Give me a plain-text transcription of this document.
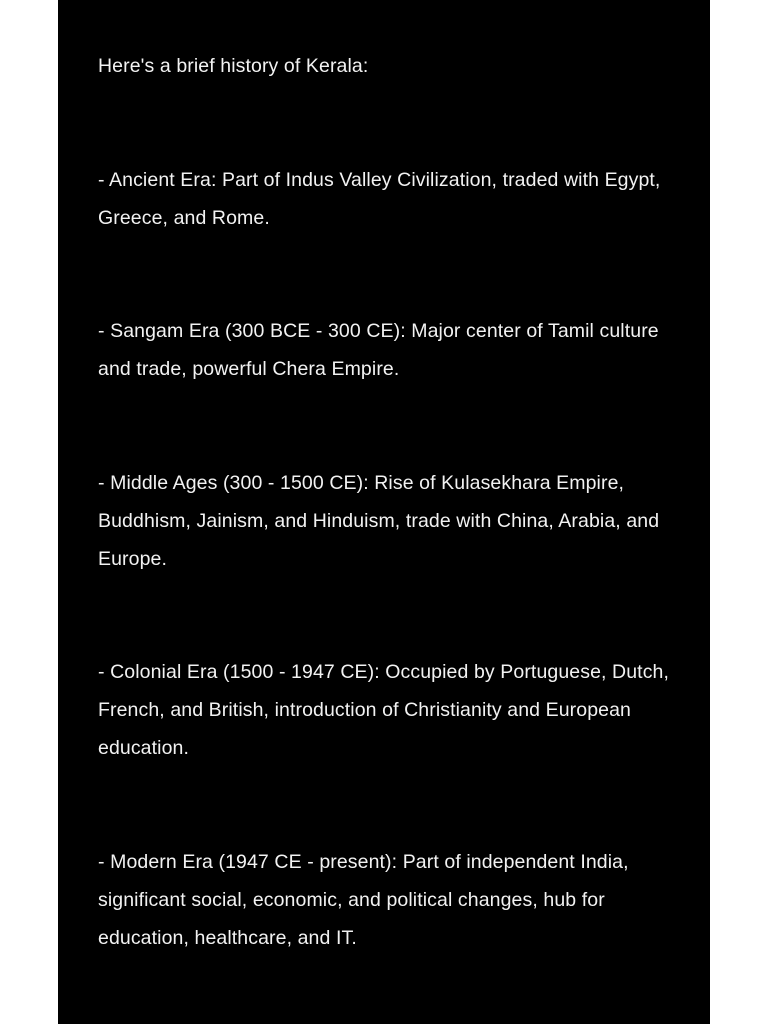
Here's a brief history of Kerala:

- Ancient Era: Part of Indus Valley Civilization, traded with Egypt, Greece, and Rome.

- Sangam Era (300 BCE - 300 CE): Major center of Tamil culture and trade, powerful Chera Empire.

- Middle Ages (300 - 1500 CE): Rise of Kulasekhara Empire, Buddhism, Jainism, and Hinduism, trade with China, Arabia, and Europe.

- Colonial Era (1500 - 1947 CE): Occupied by Portuguese, Dutch, French, and British, introduction of Christianity and European education.

- Modern Era (1947 CE - present): Part of independent India, significant social, economic, and political changes, hub for education, healthcare, and IT.
